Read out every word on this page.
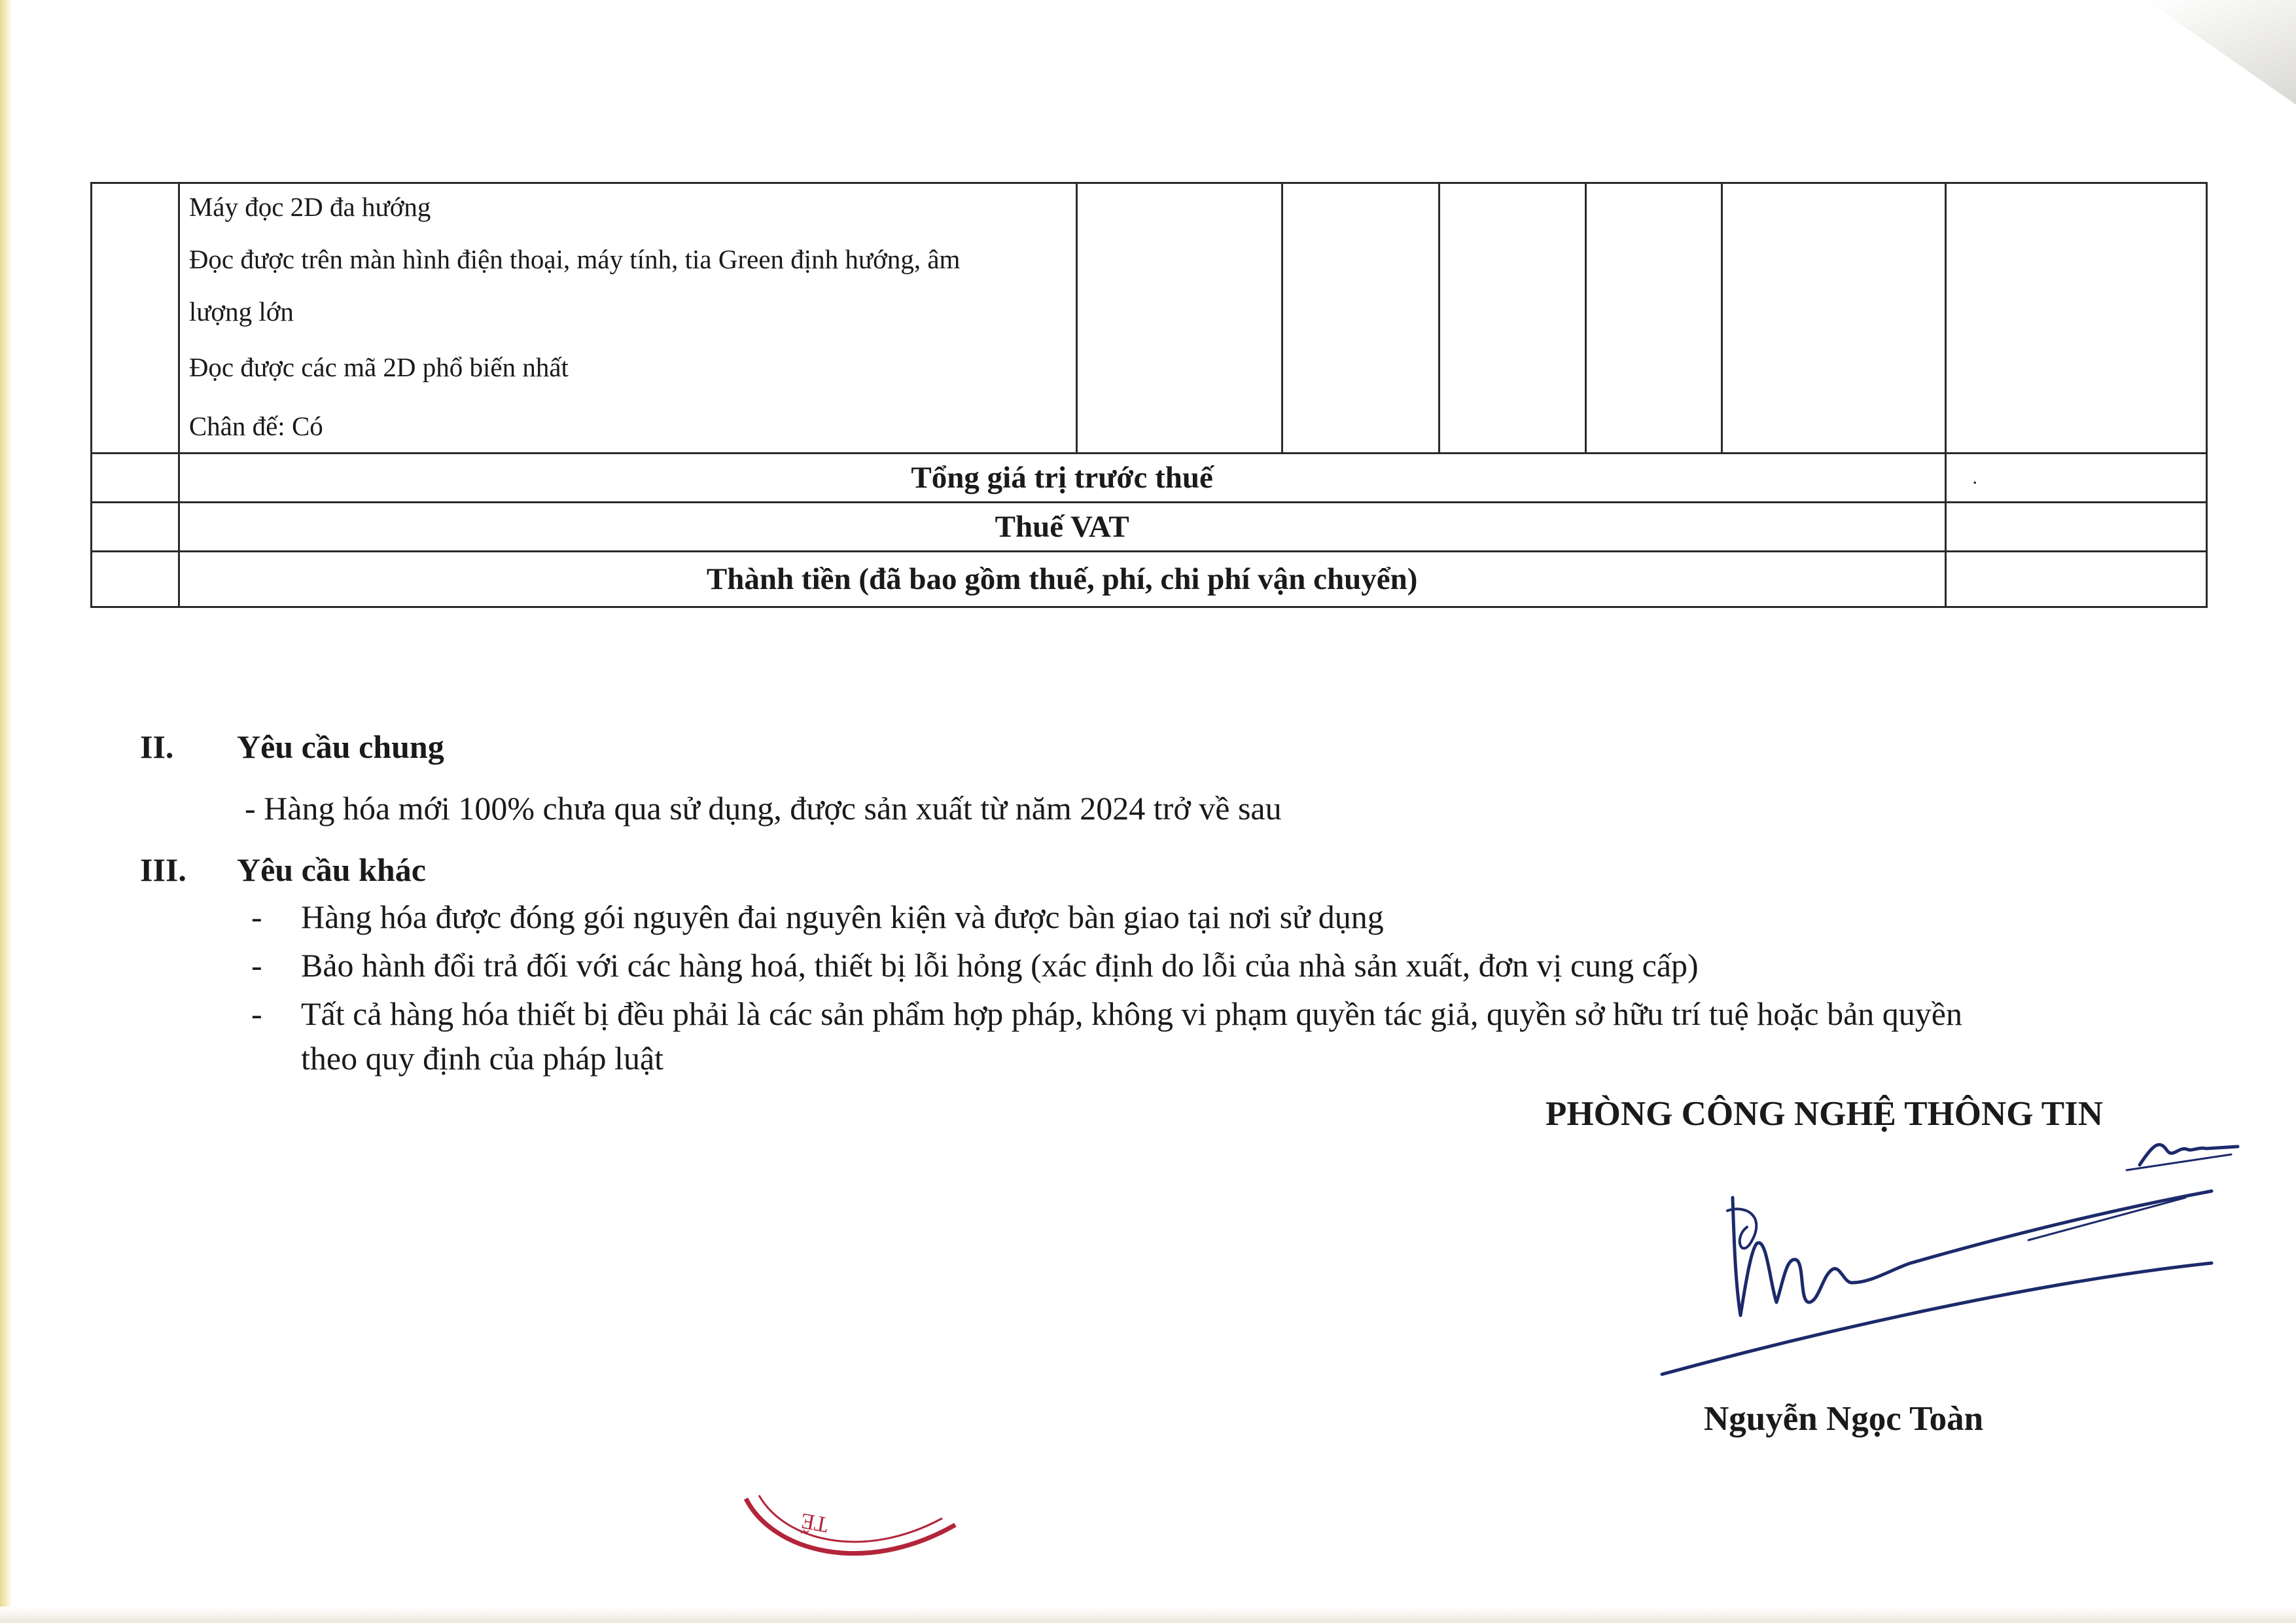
	Máy đọc 2D đa hướng
Đọc được trên màn hình điện thoại, máy tính, tia Green định hướng, âm
lượng lớn
Đọc được các mã 2D phổ biến nhất
Chân đế: Có						

	Tổng giá trị trước thuế						.
	Thuế VAT						
	Thành tiền (đã bao gồm thuế, phí, chi phí vận chuyển)						
II. Yêu cầu chung
- Hàng hóa mới 100% chưa qua sử dụng, được sản xuất từ năm 2024 trở về sau
III. Yêu cầu khác
- Hàng hóa được đóng gói nguyên đai nguyên kiện và được bàn giao tại nơi sử dụng
- Bảo hành đổi trả đối với các hàng hoá, thiết bị lỗi hỏng (xác định do lỗi của nhà sản xuất, đơn vị cung cấp)
- Tất cả hàng hóa thiết bị đều phải là các sản phẩm hợp pháp, không vi phạm quyền tác giả, quyền sở hữu trí tuệ hoặc bản quyền
theo quy định của pháp luật
PHÒNG CÔNG NGHỆ THÔNG TIN
Nguyễn Ngọc Toàn
TẾ
